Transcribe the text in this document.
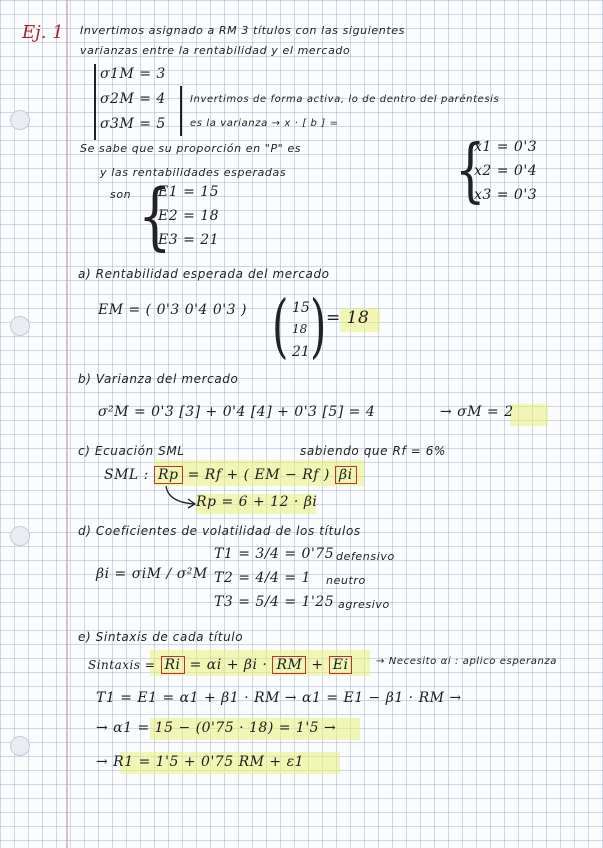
Ej. 1 Invertimos asignado a RM 3 títulos con las siguientes
varianzas entre la rentabilidad y el mercado
σ1M = 3
σ2M = 4
σ3M = 5
Invertimos de forma activa, lo de dentro del paréntesis
es la varianza → x · [ b ] =
Se sabe que su proporción en "P" es	{
x1 = 0'3
x2 = 0'4
x3 = 0'3
y las rentabilidades esperadas
son {
E1 = 15
E2 = 18
E3 = 21
a) Rentabilidad esperada del mercado
EM = ( 0'3 0'4 0'3 ) ( 15
18
21 ) = 18
b) Varianza del mercado
σ²M = 0'3 [3] + 0'4 [4] + 0'3 [5] = 4	→ σM = 2
c) Ecuación SML	sabiendo que Rf = 6%
SML : Rp = Rf + ( EM − Rf ) βi
Rp = 6 + 12 · βi
d) Coeficientes de volatilidad de los títulos
βi = σiM / σ²M
T1 = 3/4 = 0'75 defensivo
T2 = 4/4 = 1 neutro
T3 = 5/4 = 1'25 agresivo
e) Sintaxis de cada título
Sintaxis = Ri = αi + βi · RM + Ei	→ Necesito αi : aplico esperanza
T1 = E1 = α1 + β1 · RM → α1 = E1 − β1 · RM →
→ α1 = 15 − (0'75 · 18) = 1'5 →
→ R1 = 1'5 + 0'75 RM + ε1
